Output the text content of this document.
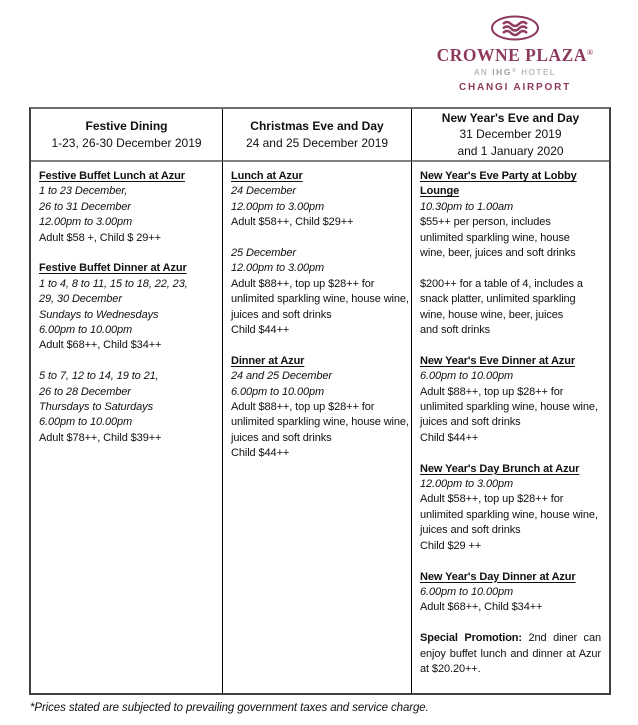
CROWNE PLAZA®
AN IHG® HOTEL
CHANGI AIRPORT
Festive Dining
1-23, 26-30 December 2019
Christmas Eve and Day
24 and 25 December 2019
New Year's Eve and Day
31 December 2019
and 1 January 2020
Festive Buffet Lunch at Azur
1 to 23 December,
26 to 31 December
12.00pm to 3.00pm
Adult $58 +, Child $ 29++
Festive Buffet Dinner at Azur
1 to 4, 8 to 11, 15 to 18, 22, 23,
29, 30 December
Sundays to Wednesdays
6.00pm to 10.00pm
Adult $68++, Child $34++
5 to 7, 12 to 14, 19 to 21,
26 to 28 December
Thursdays to Saturdays
6.00pm to 10.00pm
Adult $78++, Child $39++
Lunch at Azur
24 December
12.00pm to 3.00pm
Adult $58++, Child $29++
25 December
12.00pm to 3.00pm
Adult $88++, top up $28++ for
unlimited sparkling wine, house wine,
juices and soft drinks
Child $44++
Dinner at Azur
24 and 25 December
6.00pm to 10.00pm
Adult $88++, top up $28++ for
unlimited sparkling wine, house wine,
juices and soft drinks
Child $44++
New Year's Eve Party at Lobby Lounge
10.30pm to 1.00am
$55++ per person, includes
unlimited sparkling wine, house
wine, beer, juices and soft drinks
$200++ for a table of 4, includes a
snack platter, unlimited sparkling
wine, house wine, beer, juices
and soft drinks
New Year's Eve Dinner at Azur
6.00pm to 10.00pm
Adult $88++, top up $28++ for
unlimited sparkling wine, house wine,
juices and soft drinks
Child $44++
New Year's Day Brunch at Azur
12.00pm to 3.00pm
Adult $58++, top up $28++ for
unlimited sparkling wine, house wine,
juices and soft drinks
Child $29 ++
New Year's Day Dinner at Azur
6.00pm to 10.00pm
Adult $68++, Child $34++
Special Promotion: 2nd diner can enjoy buffet lunch and dinner at Azur at $20.20++.
*Prices stated are subjected to prevailing government taxes and service charge.
